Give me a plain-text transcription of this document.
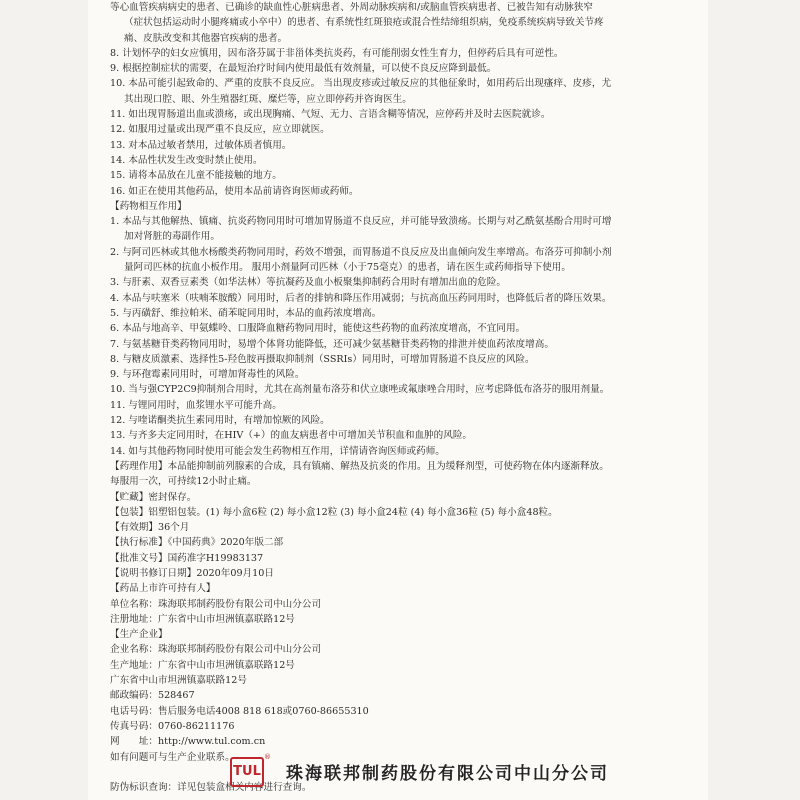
等心血管疾病病史的患者、已确诊的缺血性心脏病患者、外周动脉疾病和/或脑血管疾病患者、已被告知有动脉狭窄
（症状包括运动时小腿疼痛或小卒中）的患者、有系统性红斑狼疮或混合性结缔组织病，免疫系统疾病导致关节疼
痛、皮肤改变和其他器官疾病的患者。
8. 计划怀孕的妇女应慎用，因布洛芬属于非甾体类抗炎药，有可能削弱女性生育力，但停药后具有可逆性。
9. 根据控制症状的需要，在最短治疗时间内使用最低有效剂量，可以使不良反应降到最低。
10. 本品可能引起致命的、严重的皮肤不良反应。 当出现皮疹或过敏反应的其他征象时，如用药后出现瘙痒、皮疹，尤
其出现口腔、眼、外生殖器红斑、糜烂等，应立即停药并咨询医生。
11. 如出现胃肠道出血或溃疡，或出现胸痛、气短、无力、言语含糊等情况，应停药并及时去医院就诊。
12. 如服用过量或出现严重不良反应，应立即就医。
13. 对本品过敏者禁用，过敏体质者慎用。
14. 本品性状发生改变时禁止使用。
15. 请将本品放在儿童不能接触的地方。
16. 如正在使用其他药品，使用本品前请咨询医师或药师。
【药物相互作用】
1. 本品与其他解热、镇痛、抗炎药物同用时可增加胃肠道不良反应，并可能导致溃疡。长期与对乙酰氨基酚合用时可增
加对肾脏的毒副作用。
2. 与阿司匹林或其他水杨酸类药物同用时，药效不增强，而胃肠道不良反应及出血倾向发生率增高。布洛芬可抑制小剂
量阿司匹林的抗血小板作用。 服用小剂量阿司匹林（小于75毫克）的患者，请在医生或药师指导下使用。
3. 与肝素、双香豆素类（如华法林）等抗凝药及血小板聚集抑制药合用时有增加出血的危险。
4. 本品与呋塞米（呋喃苯胺酸）同用时，后者的排钠和降压作用减弱；与抗高血压药同用时，也降低后者的降压效果。
5. 与丙磺舒、维拉帕米、硝苯啶同用时，本品的血药浓度增高。
6. 本品与地高辛、甲氨蝶呤、口服降血糖药物同用时，能使这些药物的血药浓度增高，不宜同用。
7. 与氨基糖苷类药物同用时，易增个体肾功能降低，还可减少氨基糖苷类药物的排泄并使血药浓度增高。
8. 与糖皮质激素、选择性5-羟色胺再摄取抑制剂（SSRIs）同用时，可增加胃肠道不良反应的风险。
9. 与环孢霉素同用时，可增加肾毒性的风险。
10. 当与强CYP2C9抑制剂合用时，尤其在高剂量布洛芬和伏立康唑或氟康唑合用时，应考虑降低布洛芬的服用剂量。
11. 与锂同用时，血浆锂水平可能升高。
12. 与喹诺酮类抗生素同用时，有增加惊厥的风险。
13. 与齐多夫定同用时，在HIV（+）的血友病患者中可增加关节积血和血肿的风险。
14. 如与其他药物同时使用可能会发生药物相互作用，详情请咨询医师或药师。
【药理作用】本品能抑制前列腺素的合成，具有镇痛、解热及抗炎的作用。且为缓释剂型，可使药物在体内逐渐释放。
每服用一次，可持续12小时止痛。
【贮藏】密封保存。
【包装】铝塑铝包装。(1) 每小盒6粒 (2) 每小盒12粒 (3) 每小盒24粒 (4) 每小盒36粒 (5) 每小盒48粒。
【有效期】36个月
【执行标准】《中国药典》2020年版二部
【批准文号】国药准字H19983137
【说明书修订日期】2020年09月10日
【药品上市许可持有人】
单位名称：珠海联邦制药股份有限公司中山分公司
注册地址：广东省中山市坦洲镇嘉联路12号
【生产企业】
企业名称：珠海联邦制药股份有限公司中山分公司
生产地址：广东省中山市坦洲镇嘉联路12号
广东省中山市坦洲镇嘉联路12号
邮政编码：528467
电话号码：售后服务电话4008 818 618或0760-86655310
传真号码：0760-86211176
网　　址：http://www.tul.com.cn
如有问题可与生产企业联系。
防伪标识查询：详见包装盒相关内容进行查询。
TUL
®
珠海联邦制药股份有限公司中山分公司
